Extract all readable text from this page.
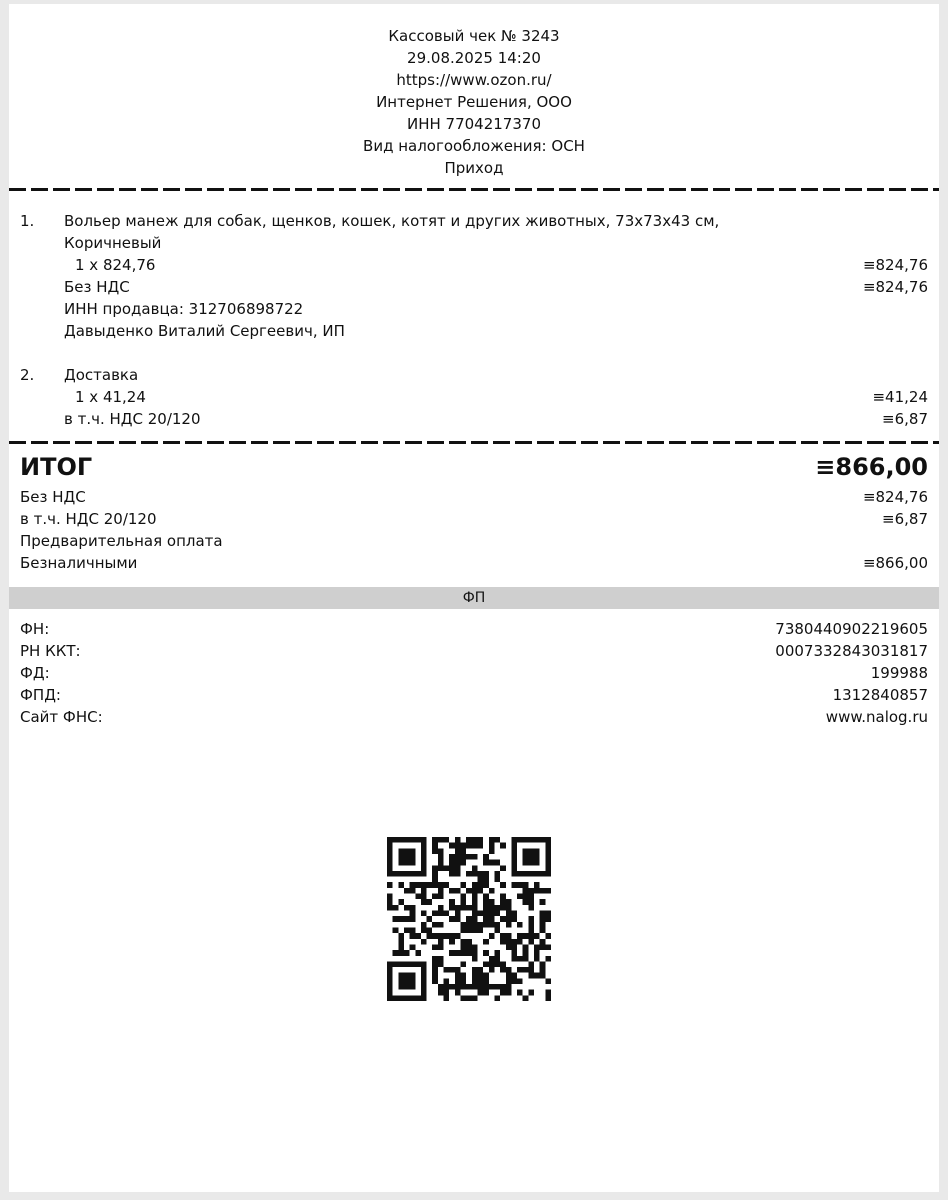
Кассовый чек № 3243
29.08.2025 14:20
https://www.ozon.ru/
Интернет Решения, ООО
ИНН 7704217370
Вид налогообложения: ОСН
Приход
1. Вольер манеж для собак, щенков, кошек, котят и других животных, 73х73х43 см,
Коричневый
1 x 824,76	≡824,76
Без НДС	≡824,76
ИНН продавца: 312706898722
Давыденко Виталий Сергеевич, ИП
2. Доставка
1 x 41,24	≡41,24
в т.ч. НДС 20/120	≡6,87
ИТОГ	≡866,00
Без НДС	≡824,76
в т.ч. НДС 20/120	≡6,87
Предварительная оплата
Безналичными	≡866,00
ФП
ФН:	7380440902219605
РН ККТ:	0007332843031817
ФД:	199988
ФПД:	1312840857
Сайт ФНС:	www.nalog.ru
